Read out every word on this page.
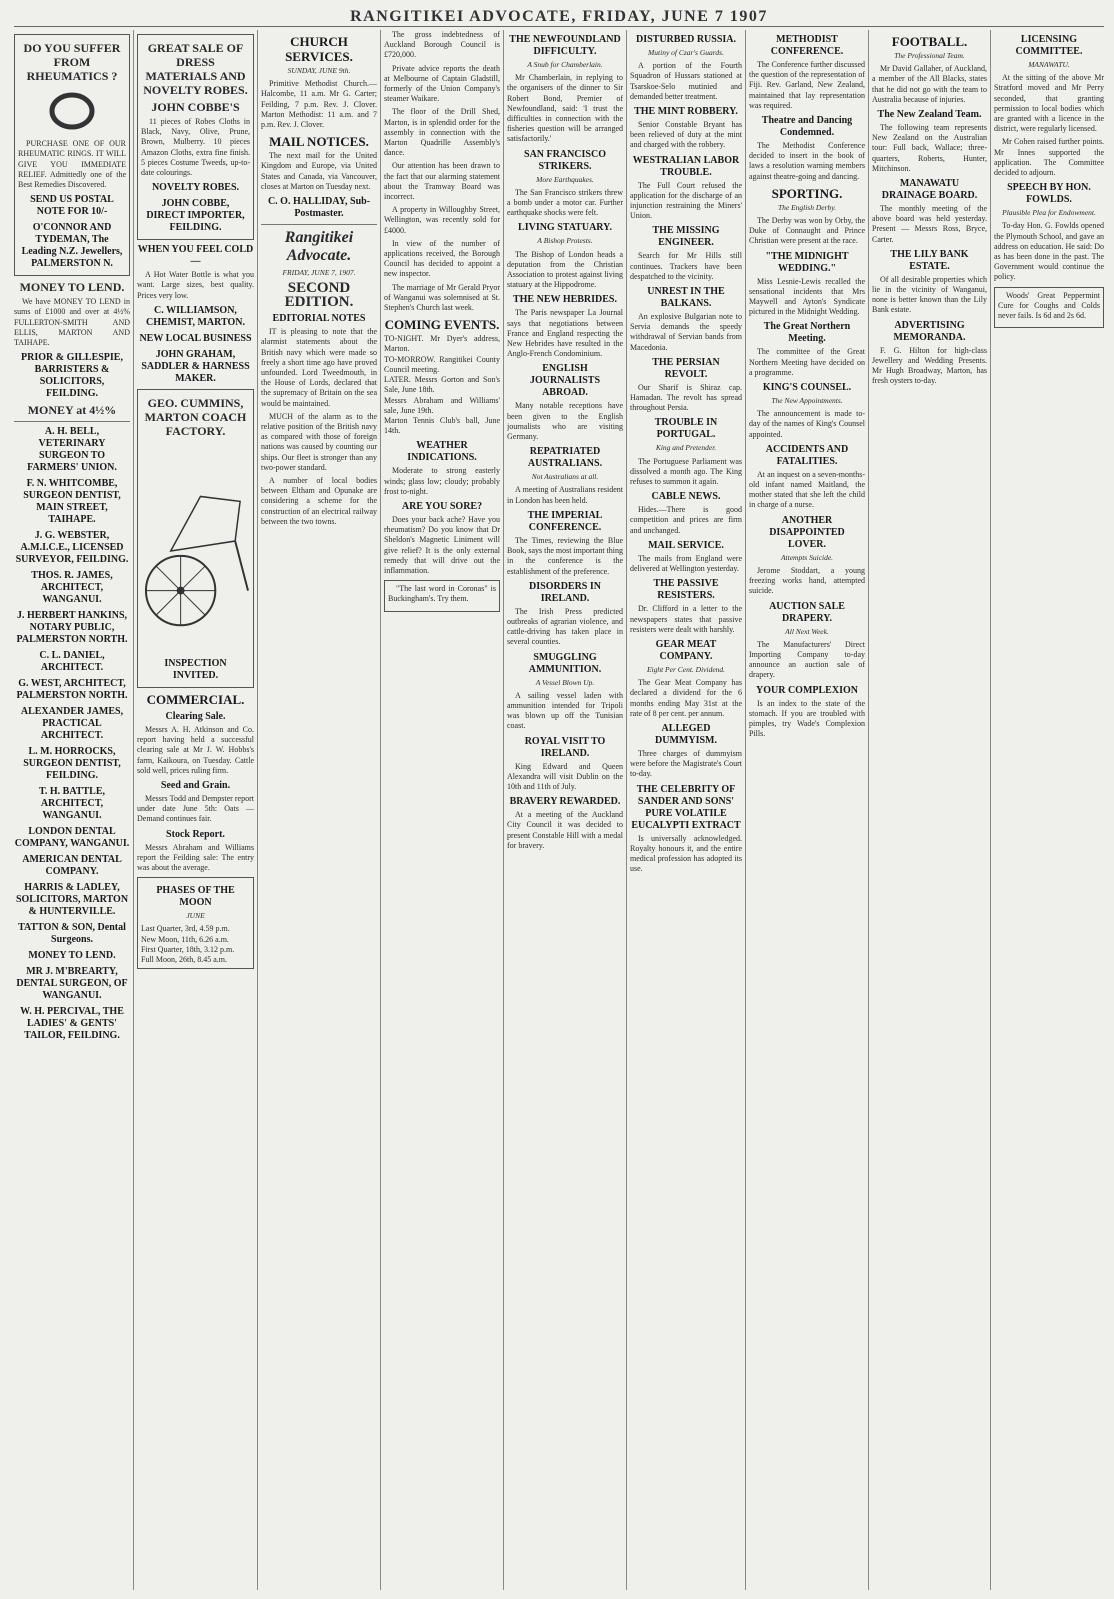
RANGITIKEI ADVOCATE, FRIDAY, JUNE 7 1907
DO YOU SUFFER FROM RHEUMATICS ?

PURCHASE ONE OF OUR RHEUMATIC RINGS. IT WILL GIVE YOU IMMEDIATE RELIEF. Admittedly one of the Best Remedies Discovered.

SEND US POSTAL NOTE FOR 10/-
O'CONNOR AND TYDEMAN, The Leading N.Z. Jewellers, PALMERSTON N.
MONEY TO LEND.

We have MONEY TO LEND in sums of £1000 and over at 4½% FULLERTON-SMITH AND ELLIS, MARTON AND TAIHAPE.

PRIOR & GILLESPIE, BARRISTERS & SOLICITORS, FEILDING.
MONEY at 4½%
A. H. BELL, VETERINARY SURGEON TO FARMERS' UNION.
F. N. WHITCOMBE, SURGEON DENTIST, MAIN STREET, TAIHAPE.
J. G. WEBSTER, A.M.I.C.E., LICENSED SURVEYOR, FEILDING.
THOS. R. JAMES, ARCHITECT, WANGANUI.
J. HERBERT HANKINS, NOTARY PUBLIC, PALMERSTON NORTH.
C. L. DANIEL, ARCHITECT.
G. WEST, ARCHITECT, PALMERSTON NORTH.
ALEXANDER JAMES, PRACTICAL ARCHITECT.
L. M. HORROCKS, SURGEON DENTIST, FEILDING.
T. H. BATTLE, ARCHITECT, WANGANUI.
LONDON DENTAL COMPANY, WANGANUI.
AMERICAN DENTAL COMPANY.
HARRIS & LADLEY, SOLICITORS, MARTON & HUNTERVILLE.
TATTON & SON, Dental Surgeons.
MONEY TO LEND.
MR J. M'BREARTY, DENTAL SURGEON, OF WANGANUI.
W. H. PERCIVAL, THE LADIES' & GENTS' TAILOR, FEILDING.
GREAT SALE OF DRESS MATERIALS AND NOVELTY ROBES.
JOHN COBBE'S

11 pieces of Robes Cloths in Black, Navy, Olive, Prune, Brown, Mulberry. 10 pieces Amazon Cloths, extra fine finish. 5 pieces Costume Tweeds, up-to-date colourings.

NOVELTY ROBES.
JOHN COBBE, DIRECT IMPORTER, FEILDING.
WHEN YOU FEEL COLD—

A Hot Water Bottle is what you want. Large sizes, best quality. Prices very low.

C. WILLIAMSON, CHEMIST, MARTON.
NEW LOCAL BUSINESS
JOHN GRAHAM, SADDLER & HARNESS MAKER.
GEO. CUMMINS, MARTON COACH FACTORY.
INSPECTION INVITED.
COMMERCIAL.
Clearing Sale.

Messrs A. H. Atkinson and Co. report having held a successful clearing sale at Mr J. W. Hobbs's farm, Kaikoura, on Tuesday. Cattle sold well, prices ruling firm.

Seed and Grain.

Messrs Todd and Dempster report under date June 5th: Oats — Demand continues fair.

Stock Report.

Messrs Abraham and Williams report the Feilding sale: The entry was about the average.

PHASES OF THE MOON
JUNE
Last Quarter, 3rd, 4.59 p.m.
New Moon, 11th, 6.26 a.m.
First Quarter, 18th, 3.12 p.m.
Full Moon, 26th, 8.45 a.m.
CHURCH SERVICES.
SUNDAY, JUNE 9th.

Primitive Methodist Church.—Halcombe, 11 a.m. Mr G. Carter; Feilding, 7 p.m. Rev. J. Clover. Marton Methodist: 11 a.m. and 7 p.m. Rev. J. Clover.

MAIL NOTICES.

The next mail for the United Kingdom and Europe, via United States and Canada, via Vancouver, closes at Marton on Tuesday next.

C. O. HALLIDAY, Sub-Postmaster.
Rangitikei Advocate.
FRIDAY, JUNE 7, 1907.
SECOND EDITION.
EDITORIAL NOTES

IT is pleasing to note that the alarmist statements about the British navy which were made so freely a short time ago have proved unfounded. Lord Tweedmouth, in the House of Lords, declared that the supremacy of Britain on the sea would be maintained.

MUCH of the alarm as to the relative position of the British navy as compared with those of foreign nations was caused by counting our ships. Our fleet is stronger than any two-power standard.

A number of local bodies between Eltham and Opunake are considering a scheme for the construction of an electrical railway between the two towns.

The gross indebtedness of Auckland Borough Council is £720,000.

Private advice reports the death at Melbourne of Captain Gladstill, formerly of the Union Company's steamer Waikare.

The floor of the Drill Shed, Marton, is in splendid order for the assembly in connection with the Marton Quadrille Assembly's dance.

Our attention has been drawn to the fact that our alarming statement about the Tramway Board was incorrect.

A property in Willoughby Street, Wellington, was recently sold for £4000.

In view of the number of applications received, the Borough Council has decided to appoint a new inspector.

The marriage of Mr Gerald Pryor of Wanganui was solemnised at St. Stephen's Church last week.

COMING EVENTS.
TO-NIGHT. Mr Dyer's address, Marton.
TO-MORROW. Rangitikei County Council meeting.
LATER. Messrs Gorton and Son's Sale, June 18th.
Messrs Abraham and Williams' sale, June 19th.
Marton Tennis Club's ball, June 14th.
WEATHER INDICATIONS.

Moderate to strong easterly winds; glass low; cloudy; probably frost to-night.

ARE YOU SORE?

Does your back ache? Have you rheumatism? Do you know that Dr Sheldon's Magnetic Liniment will give relief? It is the only external remedy that will drive out the inflammation.

"The last word in Coronas" is Buckingham's. Try them.

THE NEWFOUNDLAND DIFFICULTY.
A Snub for Chamberlain.

Mr Chamberlain, in replying to the organisers of the dinner to Sir Robert Bond, Premier of Newfoundland, said: 'I trust the difficulties in connection with the fisheries question will be arranged satisfactorily.'

SAN FRANCISCO STRIKERS.
More Earthquakes.

The San Francisco strikers threw a bomb under a motor car. Further earthquake shocks were felt.

LIVING STATUARY.
A Bishop Protests.

The Bishop of London heads a deputation from the Christian Association to protest against living statuary at the Hippodrome.

THE NEW HEBRIDES.

The Paris newspaper La Journal says that negotiations between France and England respecting the New Hebrides have resulted in the Anglo-French Condominium.

ENGLISH JOURNALISTS ABROAD.

Many notable receptions have been given to the English journalists who are visiting Germany.

REPATRIATED AUSTRALIANS.
Not Australians at all.

A meeting of Australians resident in London has been held.

THE IMPERIAL CONFERENCE.

The Times, reviewing the Blue Book, says the most important thing in the conference is the establishment of the preference.

DISORDERS IN IRELAND.

The Irish Press predicted outbreaks of agrarian violence, and cattle-driving has taken place in several counties.

SMUGGLING AMMUNITION.
A Vessel Blown Up.

A sailing vessel laden with ammunition intended for Tripoli was blown up off the Tunisian coast.

ROYAL VISIT TO IRELAND.

King Edward and Queen Alexandra will visit Dublin on the 10th and 11th of July.

BRAVERY REWARDED.

At a meeting of the Auckland City Council it was decided to present Constable Hill with a medal for bravery.

DISTURBED RUSSIA.
Mutiny of Czar's Guards.

A portion of the Fourth Squadron of Hussars stationed at Tsarskoe-Selo mutinied and demanded better treatment.

THE MINT ROBBERY.

Senior Constable Bryant has been relieved of duty at the mint and charged with the robbery.

WESTRALIAN LABOR TROUBLE.

The Full Court refused the application for the discharge of an injunction restraining the Miners' Union.

THE MISSING ENGINEER.

Search for Mr Hills still continues. Trackers have been despatched to the vicinity.

UNREST IN THE BALKANS.

An explosive Bulgarian note to Servia demands the speedy withdrawal of Servian bands from Macedonia.

THE PERSIAN REVOLT.

Our Sharif is Shiraz cap. Hamadan. The revolt has spread throughout Persia.

TROUBLE IN PORTUGAL.
King and Pretender.

The Portuguese Parliament was dissolved a month ago. The King refuses to summon it again.

CABLE NEWS.

Hides.—There is good competition and prices are firm and unchanged.

MAIL SERVICE.

The mails from England were delivered at Wellington yesterday.

THE PASSIVE RESISTERS.

Dr. Clifford in a letter to the newspapers states that passive resisters were dealt with harshly.

GEAR MEAT COMPANY.
Eight Per Cent. Dividend.

The Gear Meat Company has declared a dividend for the 6 months ending May 31st at the rate of 8 per cent. per annum.

ALLEGED DUMMYISM.

Three charges of dummyism were before the Magistrate's Court to-day.

THE CELEBRITY OF SANDER AND SONS' PURE VOLATILE EUCALYPTI EXTRACT

Is universally acknowledged. Royalty honours it, and the entire medical profession has adopted its use.

METHODIST CONFERENCE.

The Conference further discussed the question of the representation of Fiji. Rev. Garland, New Zealand, maintained that lay representation was required.

Theatre and Dancing Condemned.

The Methodist Conference decided to insert in the book of laws a resolution warning members against theatre-going and dancing.

SPORTING.
The English Derby.

The Derby was won by Orby, the Duke of Connaught and Prince Christian were present at the race.

"THE MIDNIGHT WEDDING."

Miss Lesnie-Lewis recalled the sensational incidents that Mrs Maywell and Ayton's Syndicate pictured in the Midnight Wedding.

The Great Northern Meeting.

The committee of the Great Northern Meeting have decided on a programme.

KING'S COUNSEL.
The New Appointments.

The announcement is made to-day of the names of King's Counsel appointed.

ACCIDENTS AND FATALITIES.

At an inquest on a seven-months-old infant named Maitland, the mother stated that she left the child in charge of a nurse.

ANOTHER DISAPPOINTED LOVER.
Attempts Suicide.

Jerome Stoddart, a young freezing works hand, attempted suicide.

AUCTION SALE DRAPERY.
All Next Week.

The Manufacturers' Direct Importing Company to-day announce an auction sale of drapery.

YOUR COMPLEXION

Is an index to the state of the stomach. If you are troubled with pimples, try Wade's Complexion Pills.

FOOTBALL.
The Professional Team.

Mr David Gallaher, of Auckland, a member of the All Blacks, states that he did not go with the team to Australia because of injuries.

The New Zealand Team.

The following team represents New Zealand on the Australian tour: Full back, Wallace; three-quarters, Roberts, Hunter, Mitchinson.

MANAWATU DRAINAGE BOARD.

The monthly meeting of the above board was held yesterday. Present — Messrs Ross, Bryce, Carter.

THE LILY BANK ESTATE.

Of all desirable properties which lie in the vicinity of Wanganui, none is better known than the Lily Bank estate.

ADVERTISING MEMORANDA.

F. G. Hilton for high-class Jewellery and Wedding Presents. Mr Hugh Broadway, Marton, has fresh oysters to-day.

LICENSING COMMITTEE.
MANAWATU.

At the sitting of the above Mr Stratford moved and Mr Perry seconded, that granting permission to local bodies which are granted with a licence in the district, were regularly licensed.

Mr Cohen raised further points. Mr Innes supported the application. The Committee decided to adjourn.

SPEECH BY HON. FOWLDS.
Plausible Plea for Endowment.

To-day Hon. G. Fowlds opened the Plymouth School, and gave an address on education. He said: Do as has been done in the past. The Government would continue the policy.

Woods' Great Peppermint Cure for Coughs and Colds never fails. Is 6d and 2s 6d.
